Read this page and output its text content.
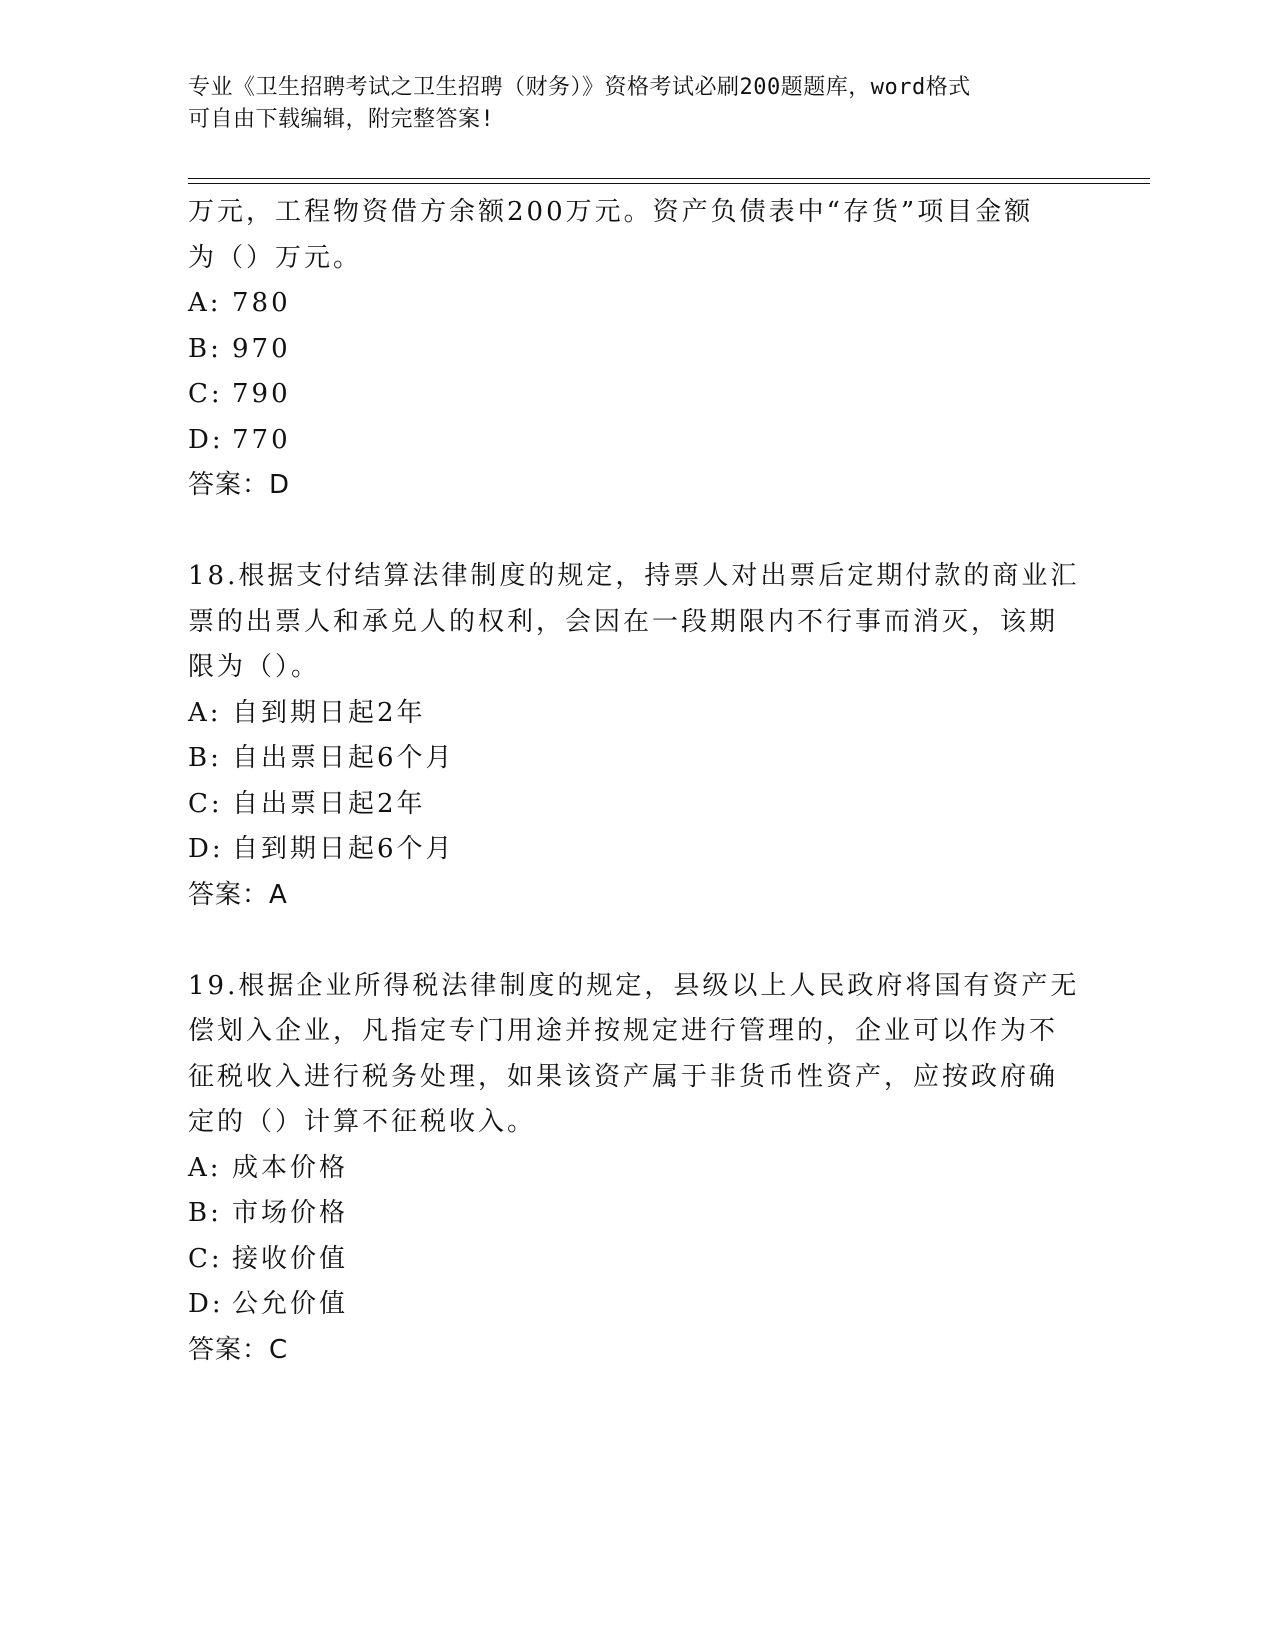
专业《卫生招聘考试之卫生招聘（财务）》资格考试必刷200题题库，word格式
可自由下载编辑，附完整答案!
万元，工程物资借方余额200万元。资产负债表中“存货”项目金额
为（）万元。
A: 780
B: 970
C: 790
D: 770
答案：D
18.根据支付结算法律制度的规定，持票人对出票后定期付款的商业汇
票的出票人和承兑人的权利，会因在一段期限内不行事而消灭，该期
限为（）。
A: 自到期日起2年
B: 自出票日起6个月
C: 自出票日起2年
D: 自到期日起6个月
答案：A
19.根据企业所得税法律制度的规定，县级以上人民政府将国有资产无
偿划入企业，凡指定专门用途并按规定进行管理的，企业可以作为不
征税收入进行税务处理，如果该资产属于非货币性资产，应按政府确
定的（）计算不征税收入。
A: 成本价格
B: 市场价格
C: 接收价值
D: 公允价值
答案：C
